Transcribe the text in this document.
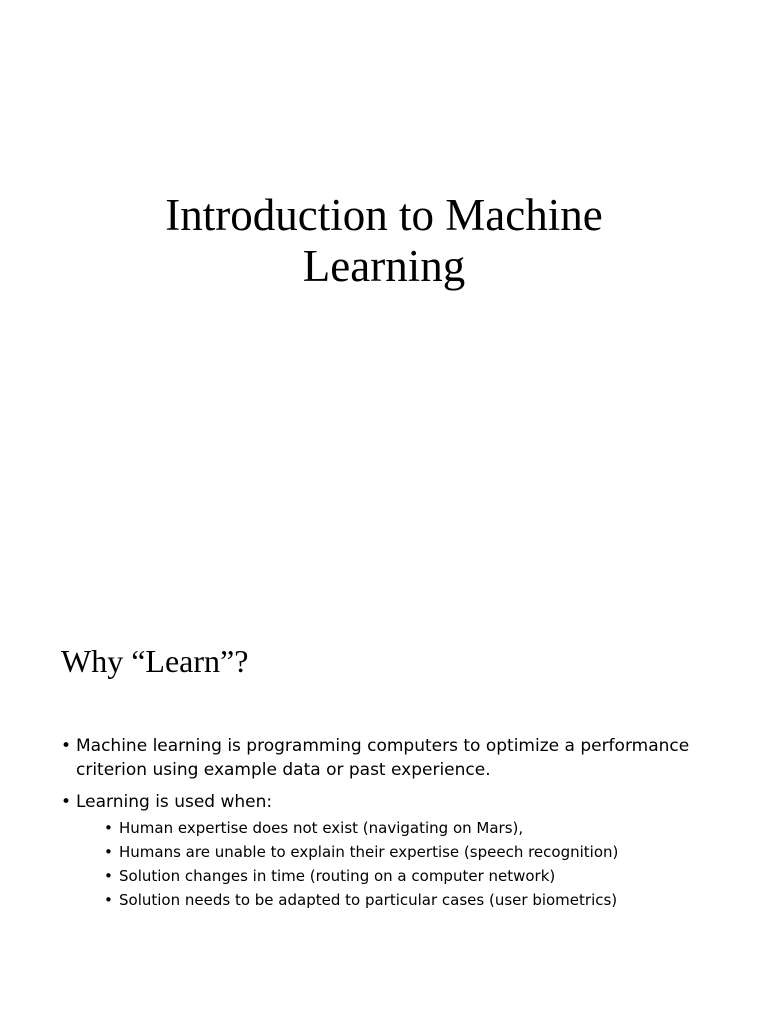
Introduction to Machine
Learning
Why “Learn”?
• Machine learning is programming computers to optimize a performance criterion using example data or past experience.
• Learning is used when:
• Human expertise does not exist (navigating on Mars),
• Humans are unable to explain their expertise (speech recognition)
• Solution changes in time (routing on a computer network)
• Solution needs to be adapted to particular cases (user biometrics)
